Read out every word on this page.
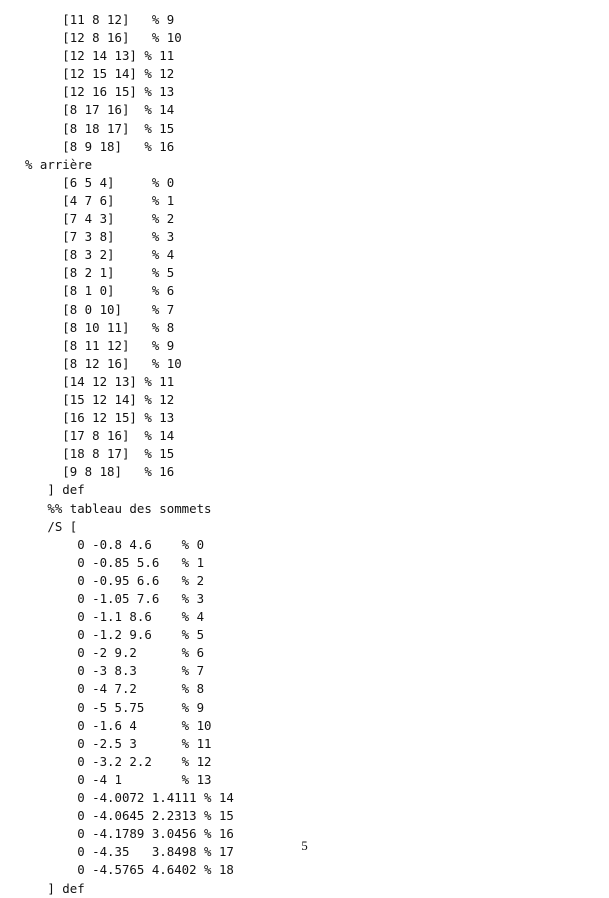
[11 8 12]   % 9
[12 8 16]   % 10
[12 14 13] % 11
[12 15 14] % 12
[12 16 15] % 13
[8 17 16]  % 14
[8 18 17]  % 15
[8 9 18]   % 16
% arrière
[6 5 4]     % 0
[4 7 6]     % 1
[7 4 3]     % 2
[7 3 8]     % 3
[8 3 2]     % 4
[8 2 1]     % 5
[8 1 0]     % 6
[8 0 10]    % 7
[8 10 11]   % 8
[8 11 12]   % 9
[8 12 16]   % 10
[14 12 13] % 11
[15 12 14] % 12
[16 12 15] % 13
[17 8 16]  % 14
[18 8 17]  % 15
[9 8 18]   % 16
] def
%% tableau des sommets
/S [
0 -0.8 4.6    % 0
0 -0.85 5.6   % 1
0 -0.95 6.6   % 2
0 -1.05 7.6   % 3
0 -1.1 8.6    % 4
0 -1.2 9.6    % 5
0 -2 9.2      % 6
0 -3 8.3      % 7
0 -4 7.2      % 8
0 -5 5.75     % 9
0 -1.6 4      % 10
0 -2.5 3      % 11
0 -3.2 2.2    % 12
0 -4 1        % 13
0 -4.0072 1.4111 % 14
0 -4.0645 2.2313 % 15
0 -4.1789 3.0456 % 16
0 -4.35   3.8498 % 17
0 -4.5765 4.6402 % 18
] def
5
